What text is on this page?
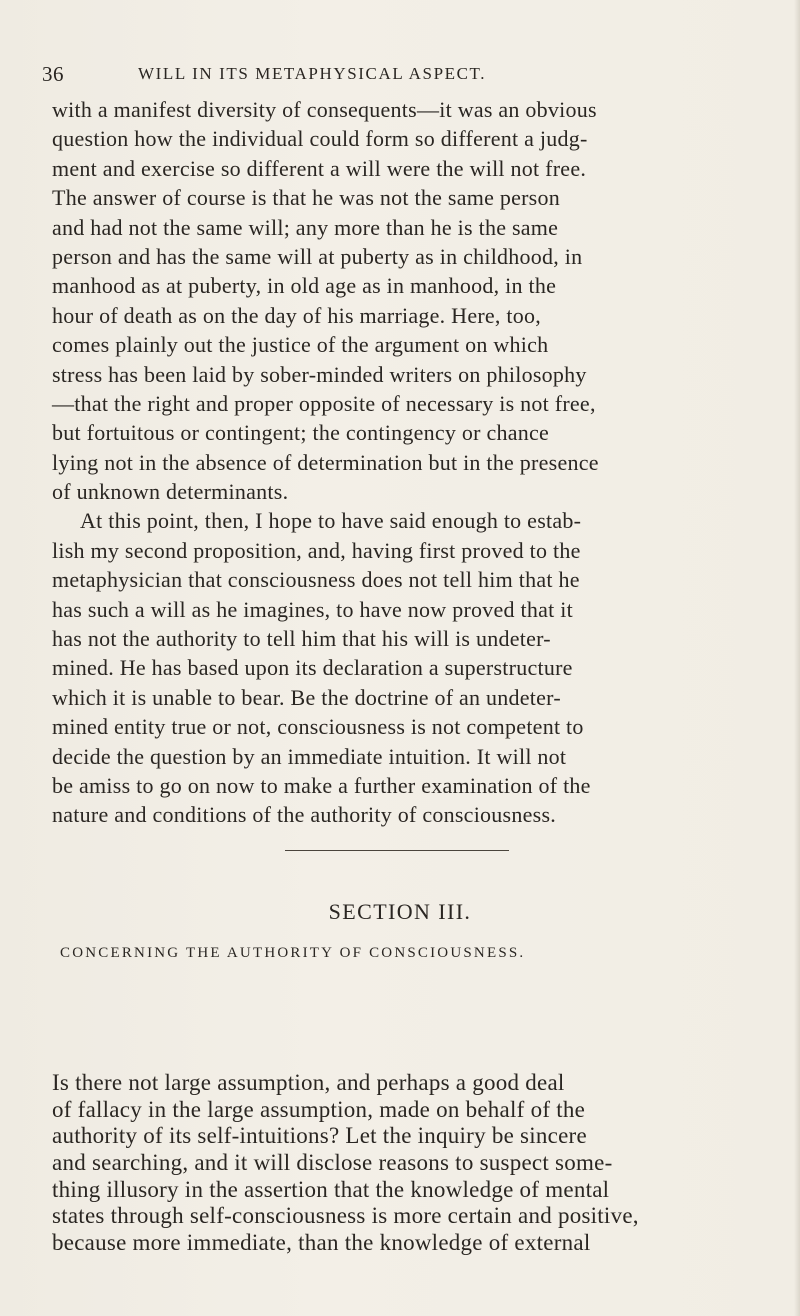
36	WILL IN ITS METAPHYSICAL ASPECT.
with a manifest diversity of consequents—it was an obvious
question how the individual could form so different a judg-
ment and exercise so different a will were the will not free.
The answer of course is that he was not the same person
and had not the same will; any more than he is the same
person and has the same will at puberty as in childhood, in
manhood as at puberty, in old age as in manhood, in the
hour of death as on the day of his marriage. Here, too,
comes plainly out the justice of the argument on which
stress has been laid by sober-minded writers on philosophy
—that the right and proper opposite of necessary is not free,
but fortuitous or contingent; the contingency or chance
lying not in the absence of determination but in the presence
of unknown determinants.
At this point, then, I hope to have said enough to estab-
lish my second proposition, and, having first proved to the
metaphysician that consciousness does not tell him that he
has such a will as he imagines, to have now proved that it
has not the authority to tell him that his will is undeter-
mined. He has based upon its declaration a superstructure
which it is unable to bear. Be the doctrine of an undeter-
mined entity true or not, consciousness is not competent to
decide the question by an immediate intuition. It will not
be amiss to go on now to make a further examination of the
nature and conditions of the authority of consciousness.
SECTION III.
CONCERNING THE AUTHORITY OF CONSCIOUSNESS.
Is there not large assumption, and perhaps a good deal
of fallacy in the large assumption, made on behalf of the
authority of its self-intuitions? Let the inquiry be sincere
and searching, and it will disclose reasons to suspect some-
thing illusory in the assertion that the knowledge of mental
states through self-consciousness is more certain and positive,
because more immediate, than the knowledge of external
